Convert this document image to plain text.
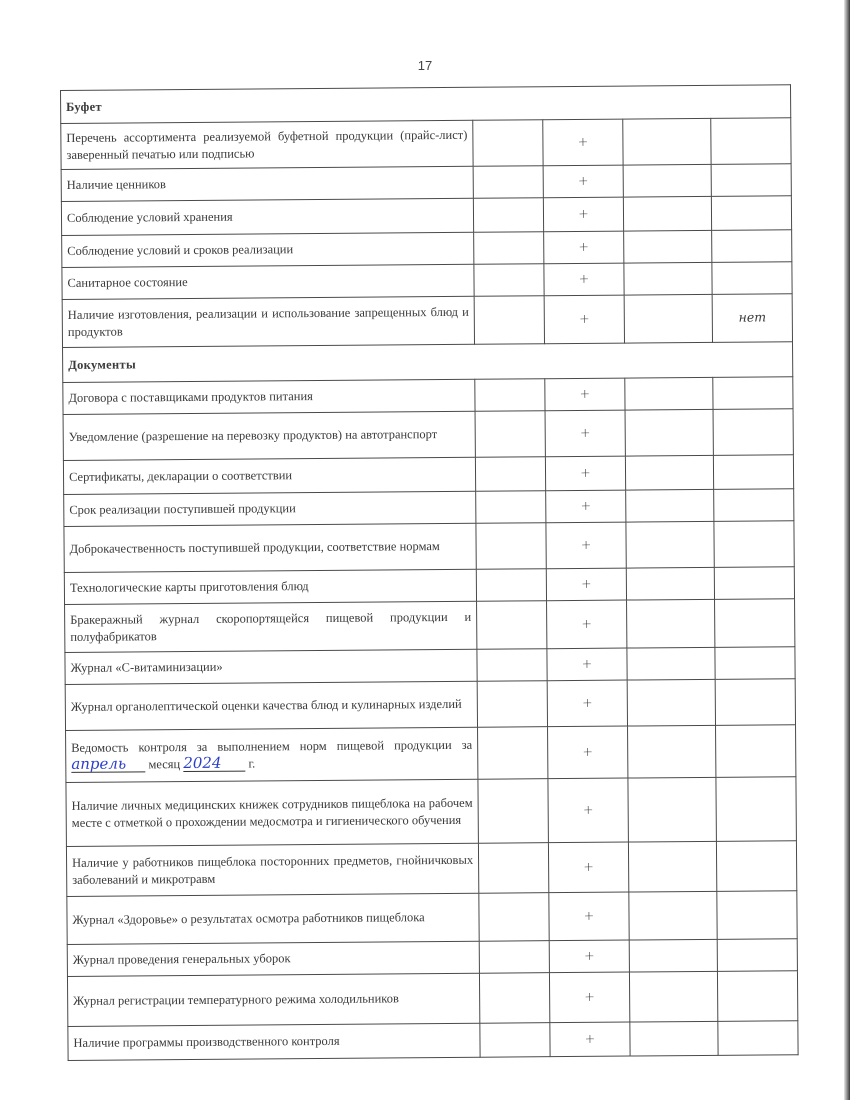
17
Буфет				
Перечень ассортимента реализуемой буфетной продукции (прайс-лист) заверенный печатью или подписью		+		
Наличие ценников		+		
Соблюдение условий хранения		+		
Соблюдение условий и сроков реализации		+		
Санитарное состояние		+		
Наличие изготовления, реализации и использование запрещенных блюд и продуктов		+		нет
Документы				
Договора с поставщиками продуктов питания		+		
Уведомление (разрешение на перевозку продуктов) на автотранспорт		+		
Сертификаты, декларации о соответствии		+		
Срок реализации поступившей продукции		+		
Доброкачественность поступившей продукции, соответствие нормам		+		
Технологические карты приготовления блюд		+		
Бракеражный журнал скоропортящейся пищевой продукции и полуфабрикатов		+		
Журнал «С-витаминизации»		+		
Журнал органолептической оценки качества блюд и кулинарных изделий		+		
Ведомость контроля за выполнением норм пищевой продукции за апрель месяц 2024 г.		+		
Наличие личных медицинских книжек сотрудников пищеблока на рабочем месте с отметкой о прохождении медосмотра и гигиенического обучения		+		
Наличие у работников пищеблока посторонних предметов, гнойничковых заболеваний и микротравм		+		
Журнал «Здоровье» о результатах осмотра работников пищеблока		+		
Журнал проведения генеральных уборок		+		
Журнал регистрации температурного режима холодильников		+		
Наличие программы производственного контроля		+		
